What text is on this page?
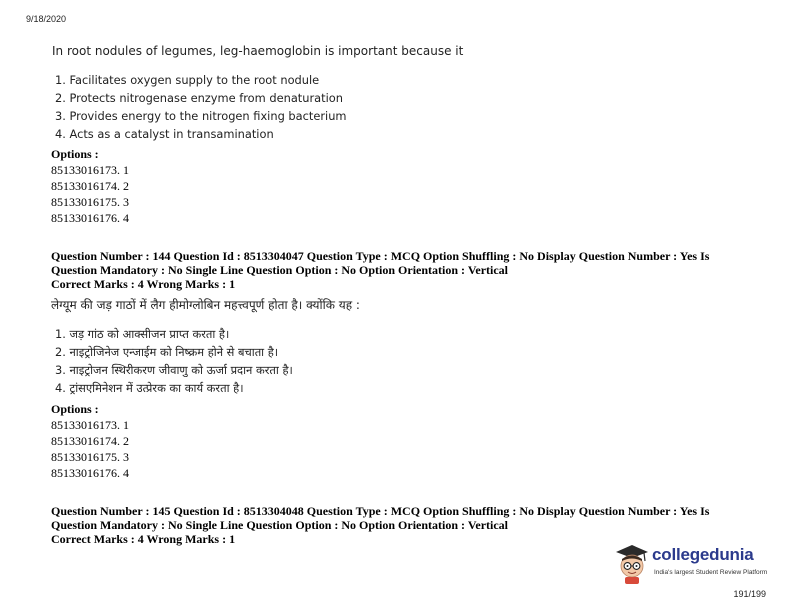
9/18/2020
In root nodules of legumes, leg-haemoglobin is important because it
1. Facilitates oxygen supply to the root nodule
2. Protects nitrogenase enzyme from denaturation
3. Provides energy to the nitrogen fixing bacterium
4. Acts as a catalyst in transamination
Options :
85133016173. 1
85133016174. 2
85133016175. 3
85133016176. 4
Question Number : 144 Question Id : 8513304047 Question Type : MCQ Option Shuffling : No Display Question Number : Yes Is
Question Mandatory : No Single Line Question Option : No Option Orientation : Vertical
Correct Marks : 4 Wrong Marks : 1
लेग्यूम की जड़ गाठों में लैग हीमोग्लोबिन महत्त्वपूर्ण होता है। क्योंकि यह :
1. जड़ गांठ को आक्सीजन प्राप्त करता है।
2. नाइट्रोजिनेज एन्जाईम को निष्क्रम होने से बचाता है।
3. नाइट्रोजन स्थिरीकरण जीवाणु को ऊर्जा प्रदान करता है।
4. ट्रांसएमिनेशन में उत्प्रेरक का कार्य करता है।
Options :
85133016173. 1
85133016174. 2
85133016175. 3
85133016176. 4
Question Number : 145 Question Id : 8513304048 Question Type : MCQ Option Shuffling : No Display Question Number : Yes Is
Question Mandatory : No Single Line Question Option : No Option Orientation : Vertical
Correct Marks : 4 Wrong Marks : 1
collegedunia
India's largest Student Review Platform
191/199
